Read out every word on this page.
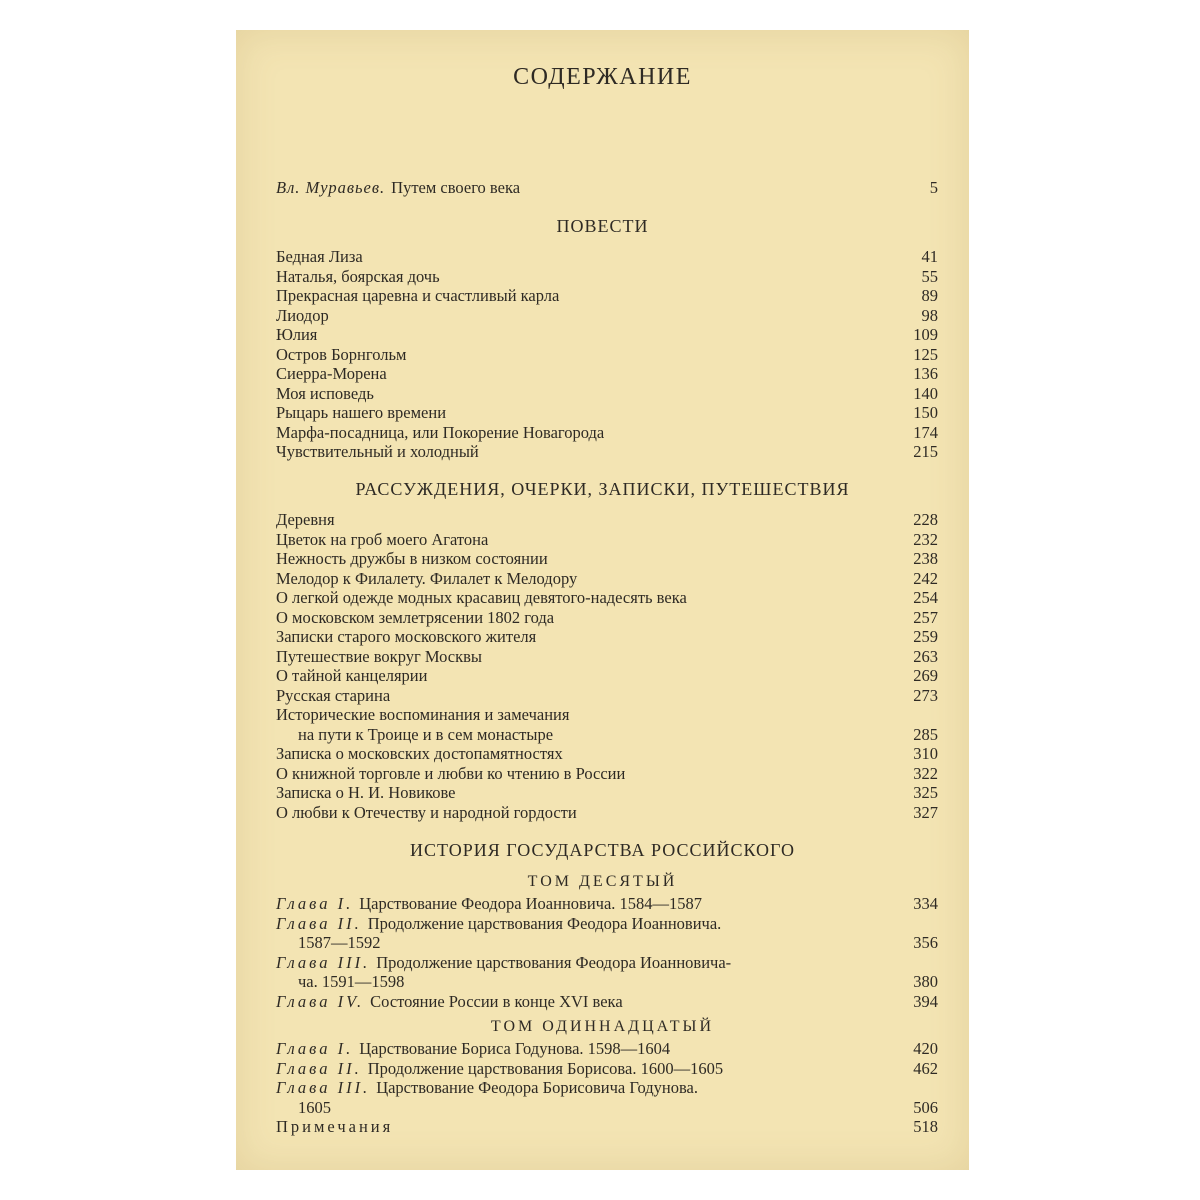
СОДЕРЖАНИЕ
Вл. Муравьев. Путем своего века	5
ПОВЕСТИ
Бедная Лиза	41
Наталья, боярская дочь	55
Прекрасная царевна и счастливый карла	89
Лиодор	98
Юлия	109
Остров Борнгольм	125
Сиерра-Морена	136
Моя исповедь	140
Рыцарь нашего времени	150
Марфа-посадница, или Покорение Новагорода	174
Чувствительный и холодный	215
РАССУЖДЕНИЯ, ОЧЕРКИ, ЗАПИСКИ, ПУТЕШЕСТВИЯ
Деревня	228
Цветок на гроб моего Агатона	232
Нежность дружбы в низком состоянии	238
Мелодор к Филалету. Филалет к Мелодору	242
О легкой одежде модных красавиц девятого-надесять века	254
О московском землетрясении 1802 года	257
Записки старого московского жителя	259
Путешествие вокруг Москвы	263
О тайной канцелярии	269
Русская старина	273
Исторические воспоминания и замечания
на пути к Троице и в сем монастыре	285
Записка о московских достопамятностях	310
О книжной торговле и любви ко чтению в России	322
Записка о Н. И. Новикове	325
О любви к Отечеству и народной гордости	327
ИСТОРИЯ ГОСУДАРСТВА РОССИЙСКОГО
ТОМ ДЕСЯТЫЙ
Глава I. Царствование Феодора Иоанновича. 1584—1587	334
Глава II. Продолжение царствования Феодора Иоанновича.
1587—1592	356
Глава III. Продолжение царствования Феодора Иоанновича-
ча. 1591—1598	380
Глава IV. Состояние России в конце XVI века	394
ТОМ ОДИННАДЦАТЫЙ
Глава I. Царствование Бориса Годунова. 1598—1604	420
Глава II. Продолжение царствования Борисова. 1600—1605	462
Глава III. Царствование Феодора Борисовича Годунова.
1605	506
Примечания	518
